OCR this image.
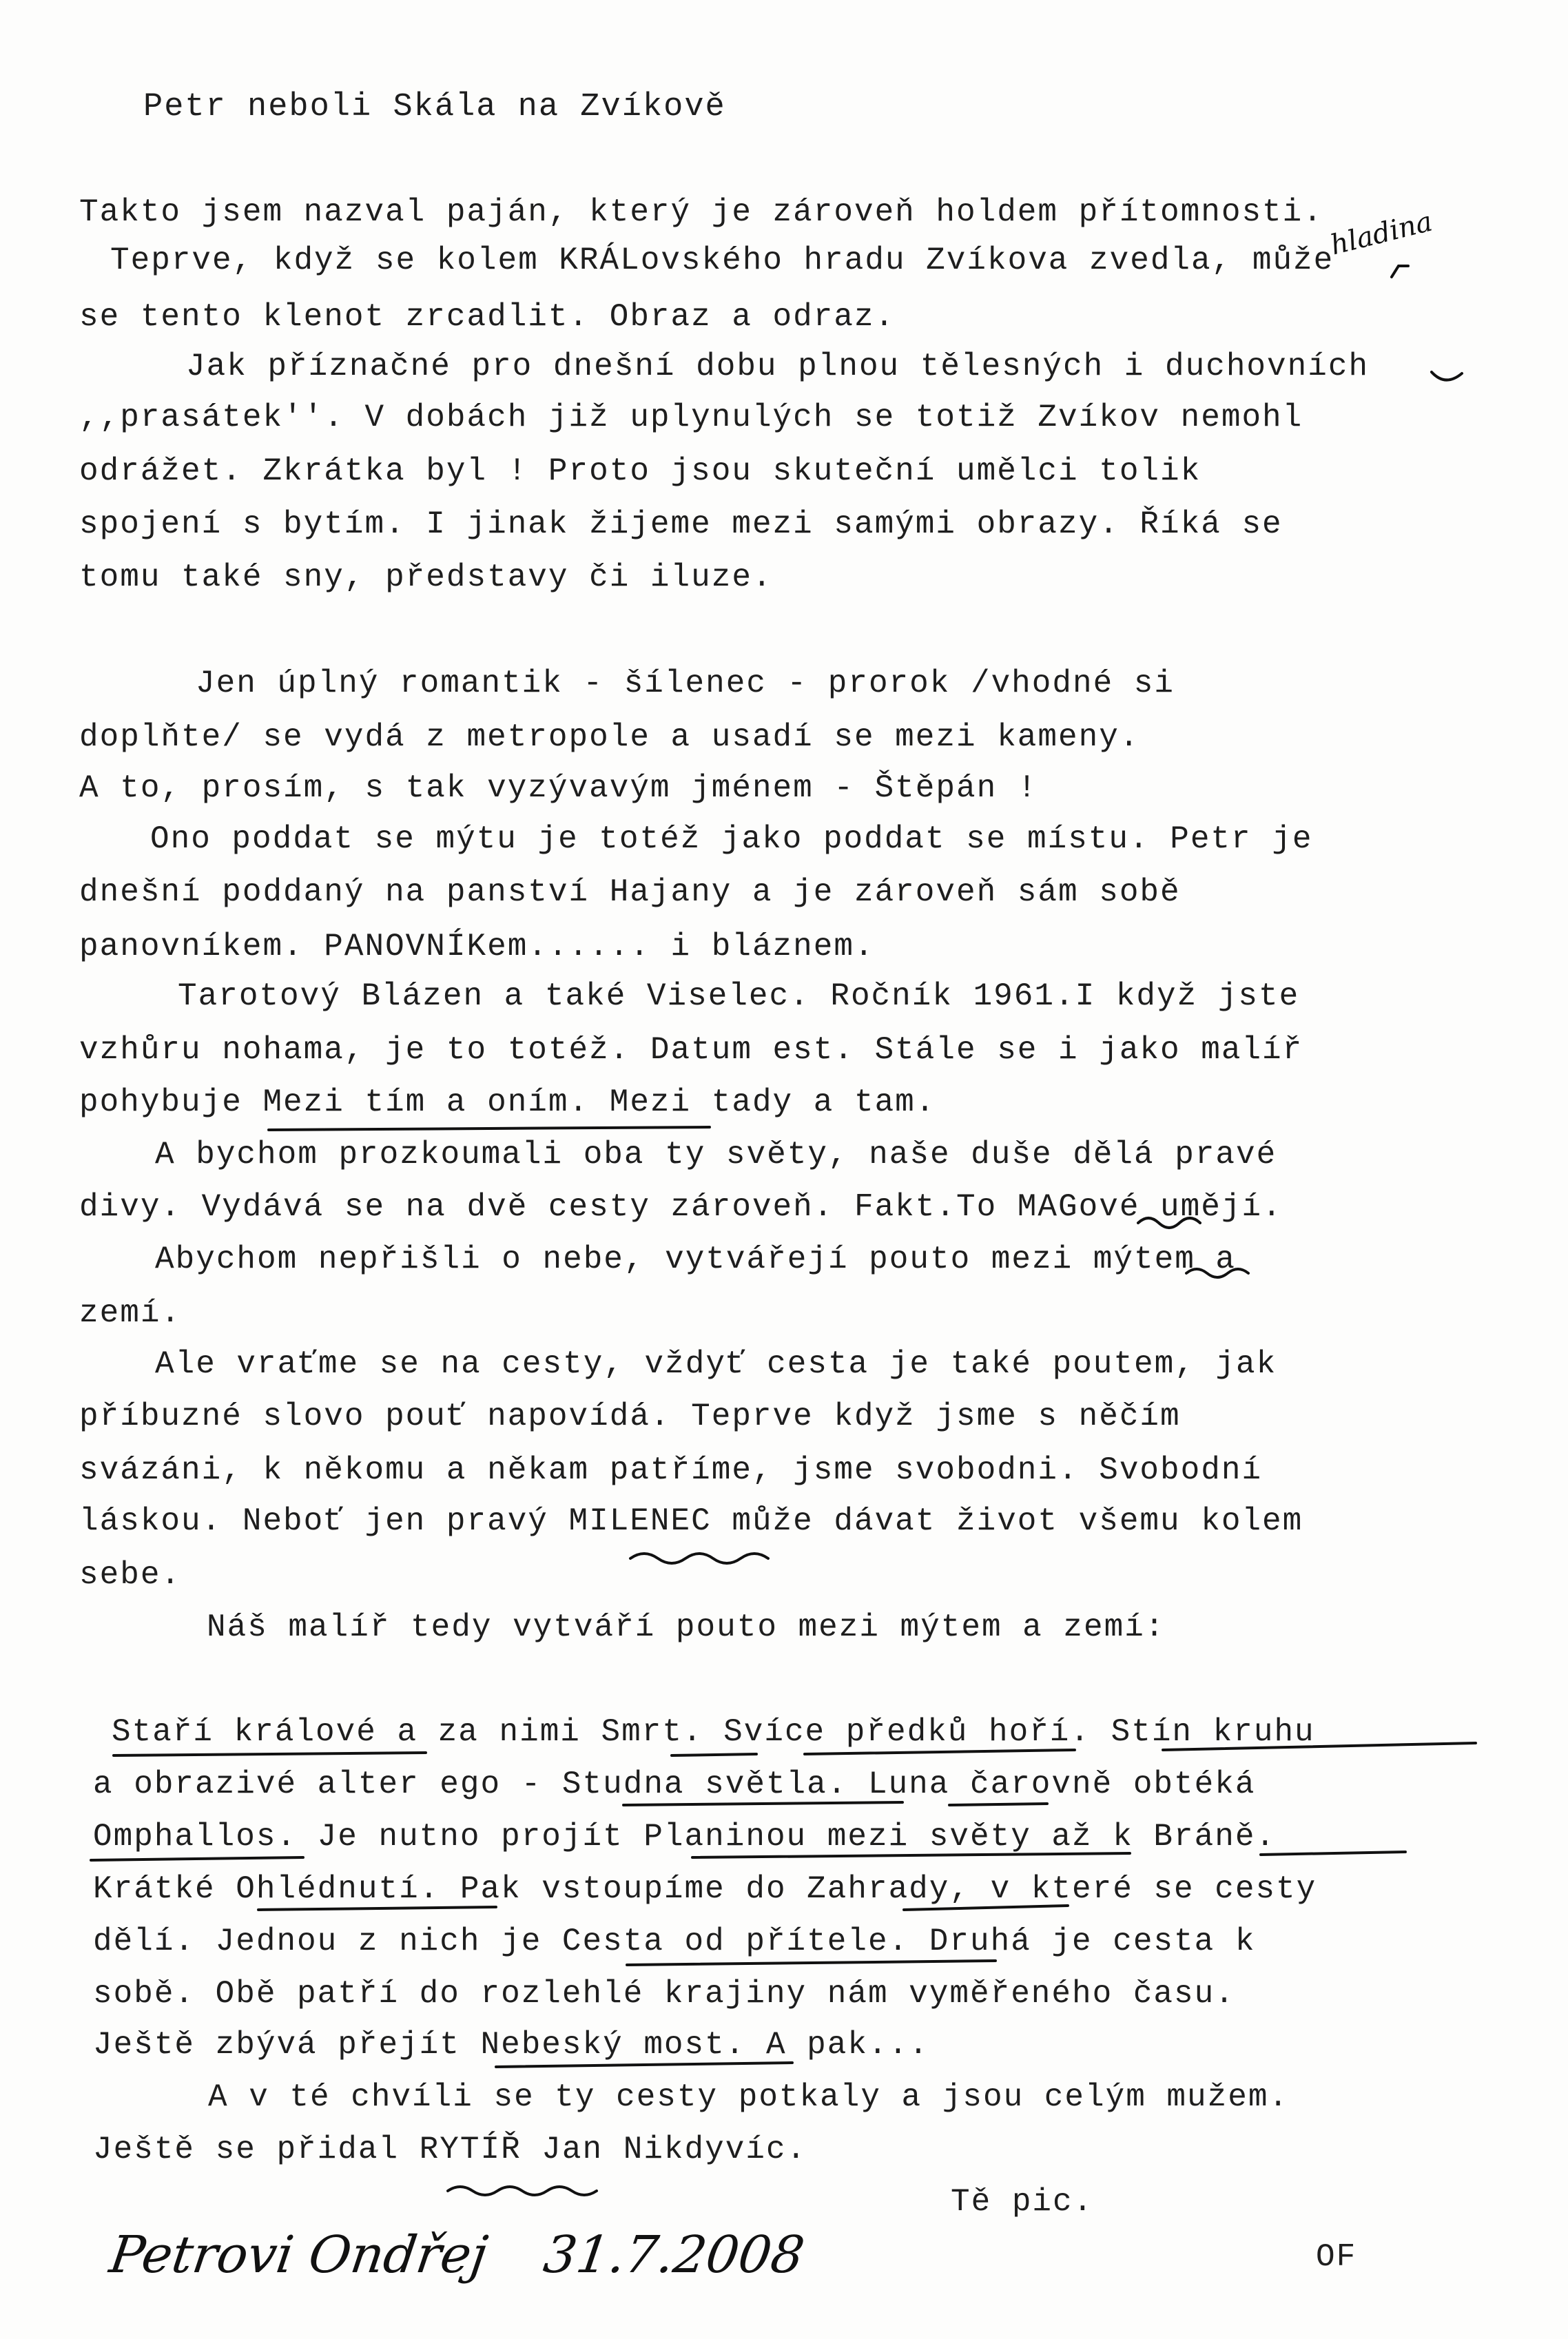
Petr neboli Skála na Zvíkově
Takto jsem nazval paján, který je zároveň holdem přítomnosti.
Teprve, když se kolem KRÁLovského hradu Zvíkova zvedla, může
se tento klenot zrcadlit. Obraz a odraz.
Jak příznačné pro dnešní dobu plnou tělesných i duchovních
,,prasátek''. V dobách již uplynulých se totiž Zvíkov nemohl
odrážet. Zkrátka byl ! Proto jsou skuteční umělci tolik
spojení s bytím. I jinak žijeme mezi samými obrazy. Říká se
tomu také sny, představy či iluze.
Jen úplný romantik - šílenec - prorok /vhodné si
doplňte/ se vydá z metropole a usadí se mezi kameny.
A to, prosím, s tak vyzývavým jménem - Štěpán !
Ono poddat se mýtu je totéž jako poddat se místu. Petr je
dnešní poddaný na panství Hajany a je zároveň sám sobě
panovníkem. PANOVNÍKem...... i bláznem.
Tarotový Blázen a také Viselec. Ročník 1961.I když jste
vzhůru nohama, je to totéž. Datum est. Stále se i jako malíř
pohybuje Mezi tím a oním. Mezi tady a tam.
A bychom prozkoumali oba ty světy, naše duše dělá pravé
divy. Vydává se na dvě cesty zároveň. Fakt.To MAGové umějí.
Abychom nepřišli o nebe, vytvářejí pouto mezi mýtem a
zemí.
Ale vraťme se na cesty, vždyť cesta je také poutem, jak
příbuzné slovo pouť napovídá. Teprve když jsme s něčím
svázáni, k někomu a někam patříme, jsme svobodni. Svobodní
láskou. Neboť jen pravý MILENEC může dávat život všemu kolem
sebe.
Náš malíř tedy vytváří pouto mezi mýtem a zemí:
Staří králové a za nimi Smrt. Svíce předků hoří. Stín kruhu
a obrazivé alter ego - Studna světla. Luna čarovně obtéká
Omphallos. Je nutno projít Planinou mezi světy až k Bráně.
Krátké Ohlédnutí. Pak vstoupíme do Zahrady, v které se cesty
dělí. Jednou z nich je Cesta od přítele. Druhá je cesta k
sobě. Obě patří do rozlehlé krajiny nám vyměřeného času.
Ještě zbývá přejít Nebeský most. A pak...
A v té chvíli se ty cesty potkaly a jsou celým mužem.
Ještě se přidal RYTÍŘ Jan Nikdyvíc.
Tě pic.
hladina
Petrovi Ondřej 31.7.2008	OF
